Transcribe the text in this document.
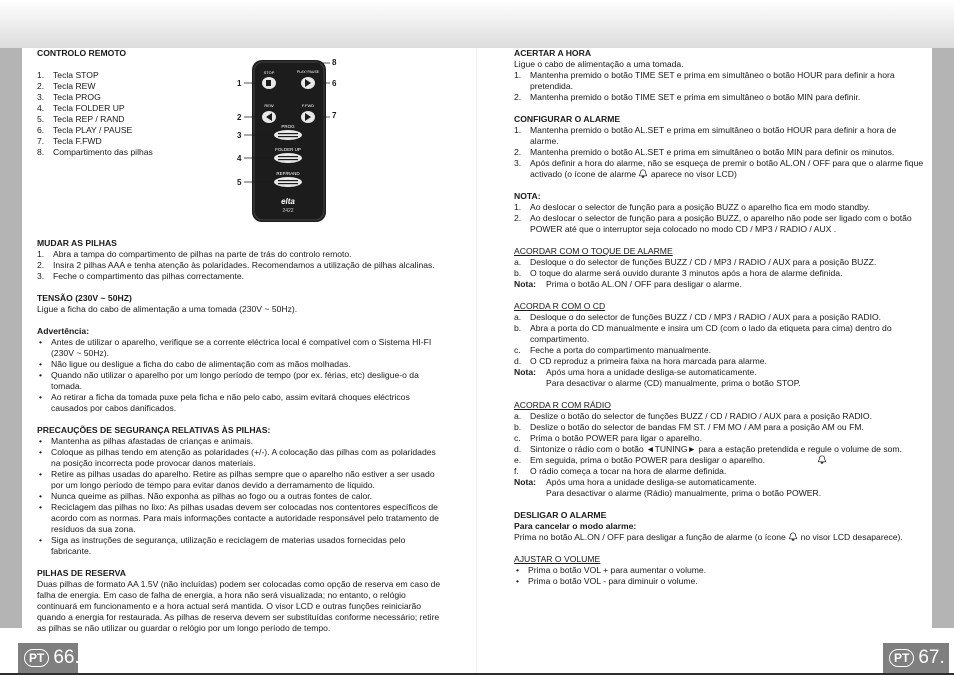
CONTROLO REMOTO

1. Tecla STOP
2. Tecla REW
3. Tecla PROG
4. Tecla FOLDER UP
5. Tecla REP / RAND
6. Tecla PLAY / PAUSE
7. Tecla F.FWD
8. Compartimento das pilhas

MUDAR AS PILHAS

1. Abra a tampa do compartimento de pilhas na parte de trás do controlo remoto.
2. Insira 2 pilhas AAA e tenha atenção às polaridades. Recomendamos a utilização de pilhas alcalinas.
3. Feche o compartimento das pilhas correctamente.

TENSÃO (230V ~ 50HZ)

Ligue a ficha do cabo de alimentação a uma tomada (230V ~ 50Hz).

Advertência:

• Antes de utilizar o aparelho, verifique se a corrente eléctrica local é compatível com o Sistema HI-FI (230V ~ 50Hz).
• Não ligue ou desligue a ficha do cabo de alimentação com as mãos molhadas.
• Quando não utilizar o aparelho por um longo período de tempo (por ex. férias, etc) desligue-o da tomada.
• Ao retirar a ficha da tomada puxe pela ficha e não pelo cabo, assim evitará choques eléctricos causados por cabos danificados.

PRECAUÇÕES DE SEGURANÇA RELATIVAS ÀS PILHAS:

• Mantenha as pilhas afastadas de crianças e animais.
• Coloque as pilhas tendo em atenção as polaridades (+/-). A colocação das pilhas com as polaridades na posição incorrecta pode provocar danos materiais.
• Retire as pilhas usadas do aparelho. Retire as pilhas sempre que o aparelho não estiver a ser usado por um longo período de tempo para evitar danos devido a derramamento de líquido.
• Nunca queime as pilhas. Não exponha as pilhas ao fogo ou a outras fontes de calor.
• Reciclagem das pilhas no lixo: As pilhas usadas devem ser colocadas nos contentores específicos de acordo com as normas. Para mais informações contacte a autoridade responsável pelo tratamento de resíduos da sua zona.
• Siga as instruções de segurança, utilização e reciclagem de materias usados fornecidas pelo fabricante.

PILHAS DE RESERVA

Duas pilhas de formato AA 1.5V (não incluídas) podem ser colocadas como opção de reserva em caso de falha de energia. Em caso de falha de energia, a hora não será visualizada; no entanto, o relógio continuará em funcionamento e a hora actual será mantida. O visor LCD e outras funções reiniciarão quando a energia for restaurada. As pilhas de reserva devem ser substituídas conforme necessário; retire as pilhas se não utilizar ou guardar o relógio por um longo período de tempo.

STOP	PLAY/ PAUSE
REW	F.FWD
PROG
FOLDER UP
REP/RAND
elta
2422
1
2
3
4
5
6
7
8

ACERTAR A HORA

Ligue o cabo de alimentação a uma tomada.

1. Mantenha premido o botão TIME SET e prima em simultâneo o botão HOUR para definir a hora pretendida.
2. Mantenha premido o botão TIME SET e prima em simultâneo o botão MIN para definir.

CONFIGURAR O ALARME

1. Mantenha premido o botão AL.SET e prima em simultâneo o botão HOUR para definir a hora de alarme.
2. Mantenha premido o botão AL.SET e prima em simultâneo o botão MIN para definir os minutos.
3. Após definir a hora do alarme, não se esqueça de premir o botão AL.ON / OFF para que o alarme fique activado (o ícone de alarme  aparece no visor LCD)

NOTA:

1. Ao deslocar o selector de função para a posição BUZZ o aparelho fica em modo standby.
2. Ao deslocar o selector de função para a posição BUZZ, o aparelho não pode ser ligado com o botão POWER até que o interruptor seja colocado no modo CD / MP3 / RADIO / AUX .

ACORDAR COM O TOQUE DE ALARME

a. Desloque o do selector de funções BUZZ / CD / MP3 / RADIO / AUX para a posição BUZZ.
b. O toque do alarme será ouvido durante 3 minutos após a hora de alarme definida.
Nota: Prima o botão AL.ON / OFF para desligar o alarme.

ACORDA R COM O CD

a. Desloque o do selector de funções BUZZ / CD / MP3 / RADIO / AUX para a posição RADIO.
b. Abra a porta do CD manualmente e insira um CD (com o lado da etiqueta para cima) dentro do compartimento.
c. Feche a porta do compartimento manualmente.
d. O CD reproduz a primeira faixa na hora marcada para alarme.
Nota: Após uma hora a unidade desliga-se automaticamente.
Para desactivar o alarme (CD) manualmente, prima o botão STOP.

ACORDA R COM RÁDIO

a. Deslize o botão do selector de funções BUZZ / CD / RADIO / AUX para a posição RADIO.
b. Deslize o botão do selector de bandas FM ST. / FM MO / AM para a posição AM ou FM.
c. Prima o botão POWER para ligar o aparelho.
d. Sintonize o rádio com o botão ◄TUNING► para a estação pretendida e regule o volume de som.
e. Em seguida, prima o botão POWER para desligar o aparelho.
f. O rádio começa a tocar na hora de alarme definida.
Nota: Após uma hora a unidade desliga-se automaticamente.
Para desactivar o alarme (Rádio) manualmente, prima o botão POWER.

DESLIGAR O ALARME

Para cancelar o modo alarme:

Prima no botão AL.ON / OFF para desligar a função de alarme (o ícone  no visor LCD desaparece).

AJUSTAR O VOLUME

• Prima o botão VOL + para aumentar o volume.
• Prima o botão VOL - para diminuir o volume.
PT 66.	PT 67.
